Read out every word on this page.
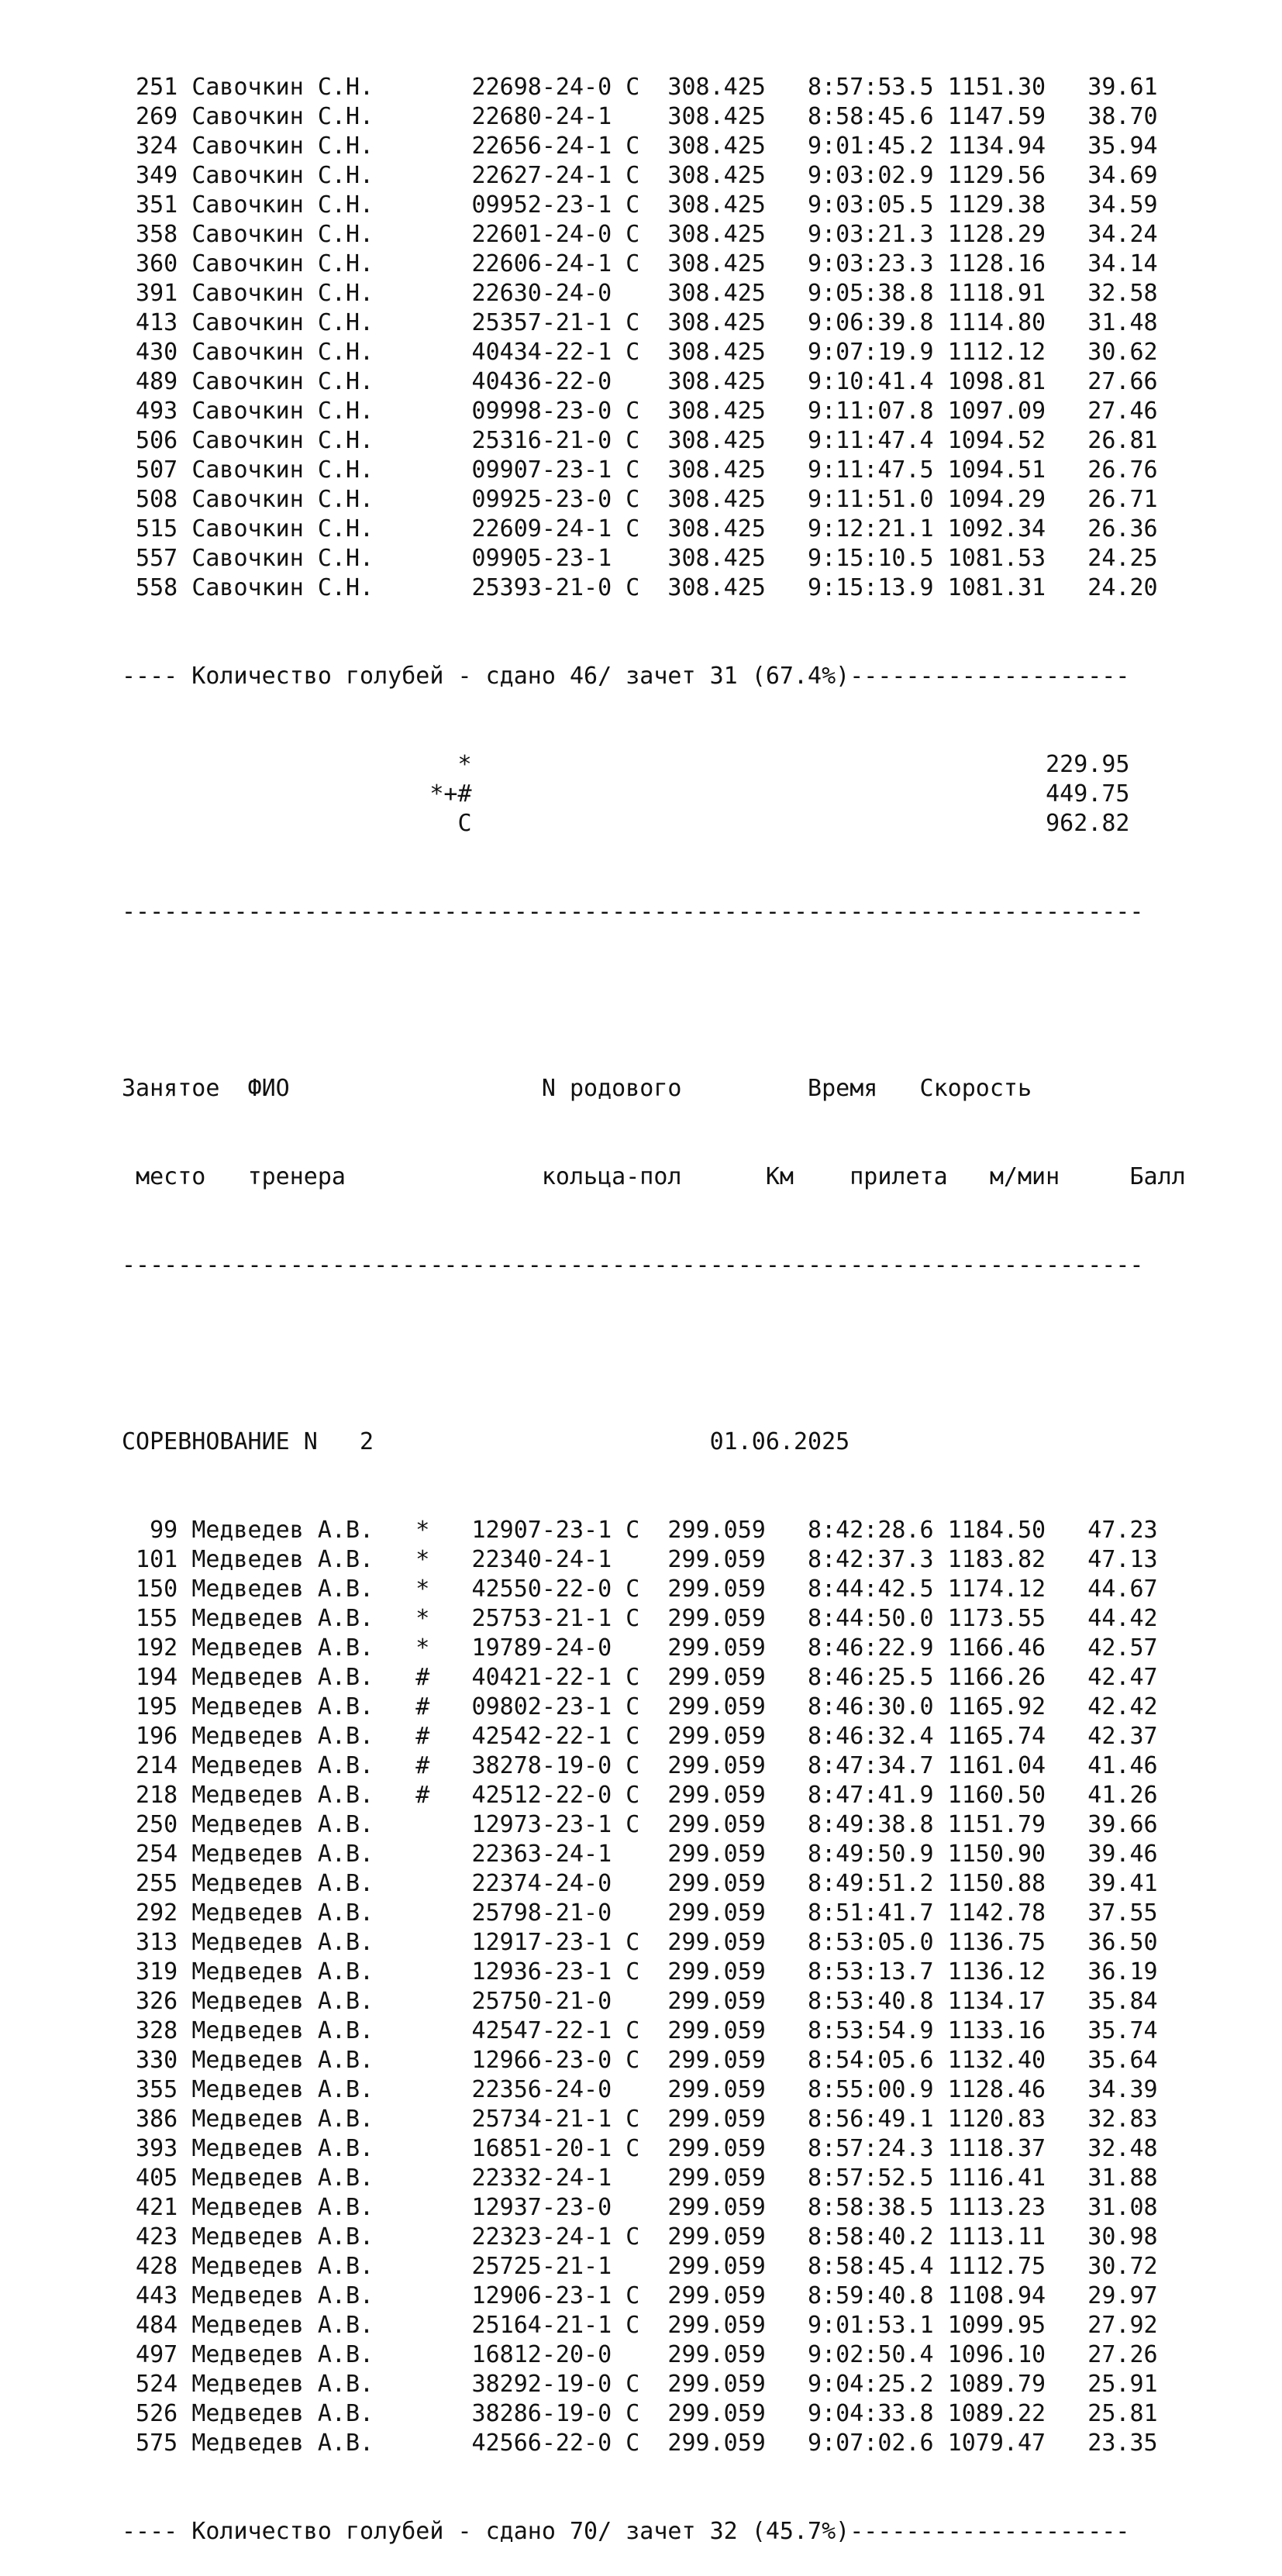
251 Савочкин С.Н.       22698-24-0 C 308.425 8:57:53.5 1151.30   39.61
269 Савочкин С.Н.       22680-24-1 308.425 8:58:45.6 1147.59   38.70
324 Савочкин С.Н.       22656-24-1 C 308.425 9:01:45.2 1134.94   35.94
349 Савочкин С.Н.       22627-24-1 C 308.425 9:03:02.9 1129.56   34.69
351 Савочкин С.Н.       09952-23-1 C 308.425 9:03:05.5 1129.38   34.59
358 Савочкин С.Н.       22601-24-0 C 308.425 9:03:21.3 1128.29   34.24
360 Савочкин С.Н.       22606-24-1 C 308.425 9:03:23.3 1128.16   34.14
391 Савочкин С.Н.       22630-24-0 308.425 9:05:38.8 1118.91   32.58
413 Савочкин С.Н.       25357-21-1 C 308.425 9:06:39.8 1114.80   31.48
430 Савочкин С.Н.       40434-22-1 C 308.425 9:07:19.9 1112.12   30.62
489 Савочкин С.Н.       40436-22-0 308.425 9:10:41.4 1098.81   27.66
493 Савочкин С.Н.       09998-23-0 C 308.425 9:11:07.8 1097.09   27.46
506 Савочкин С.Н.       25316-21-0 C 308.425 9:11:47.4 1094.52   26.81
507 Савочкин С.Н.       09907-23-1 C 308.425 9:11:47.5 1094.51   26.76
508 Савочкин С.Н.       09925-23-0 C 308.425 9:11:51.0 1094.29   26.71
515 Савочкин С.Н.       22609-24-1 C 308.425 9:12:21.1 1092.34   26.36
557 Савочкин С.Н.       09905-23-1 308.425 9:15:10.5 1081.53   24.25
558 Савочкин С.Н.       25393-21-0 C 308.425 9:15:13.9 1081.31   24.20

---- Количество голубей - сдано 46/ зачет 31 (67.4%)--------------------

*	229.95
*+#	449.75
C	962.82

-------------------------------------------------------------------------

Занятое ФИО	N родового	Время Скорость

место тренера	кольца-пол	Км прилета м/мин	Балл

-------------------------------------------------------------------------

СОРЕВНОВАНИЕ N   2	01.06.2025

99 Медведев А.В.   *   12907-23-1 C 299.059 8:42:28.6 1184.50   47.23
101 Медведев А.В.   *   22340-24-1 299.059 8:42:37.3 1183.82   47.13
150 Медведев А.В.   *   42550-22-0 C 299.059 8:44:42.5 1174.12   44.67
155 Медведев А.В.   *   25753-21-1 C 299.059 8:44:50.0 1173.55   44.42
192 Медведев А.В.   *   19789-24-0 299.059 8:46:22.9 1166.46   42.57
194 Медведев А.В.   #   40421-22-1 C 299.059 8:46:25.5 1166.26   42.47
195 Медведев А.В.   #   09802-23-1 C 299.059 8:46:30.0 1165.92   42.42
196 Медведев А.В.   #   42542-22-1 C 299.059 8:46:32.4 1165.74   42.37
214 Медведев А.В.   #   38278-19-0 C 299.059 8:47:34.7 1161.04   41.46
218 Медведев А.В.   #   42512-22-0 C 299.059 8:47:41.9 1160.50   41.26
250 Медведев А.В.       12973-23-1 C 299.059 8:49:38.8 1151.79   39.66
254 Медведев А.В.       22363-24-1 299.059 8:49:50.9 1150.90   39.46
255 Медведев А.В.       22374-24-0 299.059 8:49:51.2 1150.88   39.41
292 Медведев А.В.       25798-21-0 299.059 8:51:41.7 1142.78   37.55
313 Медведев А.В.       12917-23-1 C 299.059 8:53:05.0 1136.75   36.50
319 Медведев А.В.       12936-23-1 C 299.059 8:53:13.7 1136.12   36.19
326 Медведев А.В.       25750-21-0 299.059 8:53:40.8 1134.17   35.84
328 Медведев А.В.       42547-22-1 C 299.059 8:53:54.9 1133.16   35.74
330 Медведев А.В.       12966-23-0 C 299.059 8:54:05.6 1132.40   35.64
355 Медведев А.В.       22356-24-0 299.059 8:55:00.9 1128.46   34.39
386 Медведев А.В.       25734-21-1 C 299.059 8:56:49.1 1120.83   32.83
393 Медведев А.В.       16851-20-1 C 299.059 8:57:24.3 1118.37   32.48
405 Медведев А.В.       22332-24-1 299.059 8:57:52.5 1116.41   31.88
421 Медведев А.В.       12937-23-0 299.059 8:58:38.5 1113.23   31.08
423 Медведев А.В.       22323-24-1 C 299.059 8:58:40.2 1113.11   30.98
428 Медведев А.В.       25725-21-1 299.059 8:58:45.4 1112.75   30.72
443 Медведев А.В.       12906-23-1 C 299.059 8:59:40.8 1108.94   29.97
484 Медведев А.В.       25164-21-1 C 299.059 9:01:53.1 1099.95   27.92
497 Медведев А.В.       16812-20-0 299.059 9:02:50.4 1096.10   27.26
524 Медведев А.В.       38292-19-0 C 299.059 9:04:25.2 1089.79   25.91
526 Медведев А.В.       38286-19-0 C 299.059 9:04:33.8 1089.22   25.81
575 Медведев А.В.       42566-22-0 C 299.059 9:07:02.6 1079.47   23.35

---- Количество голубей - сдано 70/ зачет 32 (45.7%)--------------------
